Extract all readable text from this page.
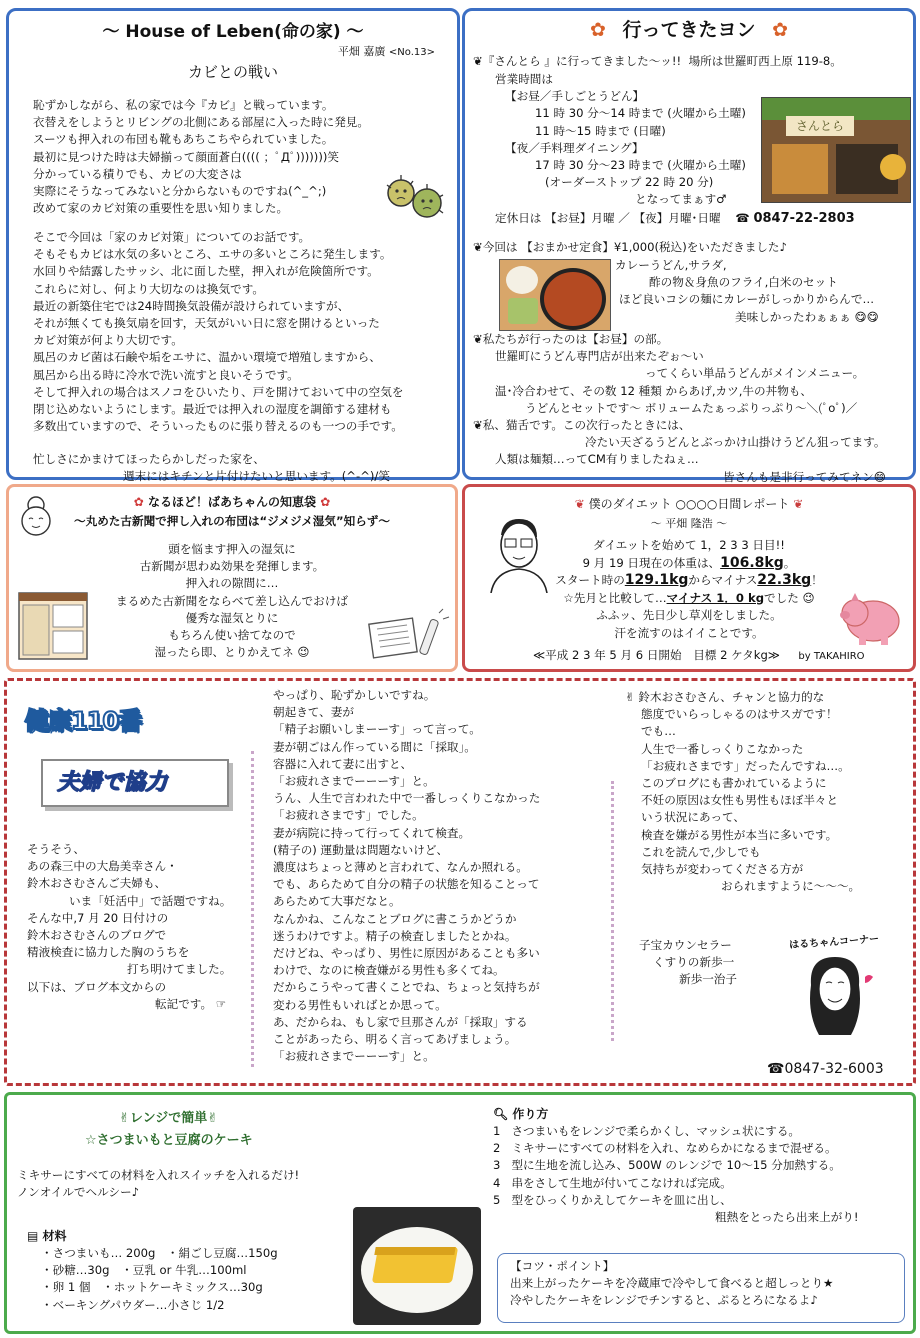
～ House of Leben(命の家) ～
平畑 嘉廣 <No.13>
カビとの戦い

恥ずかしながら、私の家では今『カビ』と戦っています。

衣替えをしようとリビングの北側にある部屋に入った時に発見。

スーツも押入れの布団も靴もあちこちやられていました。

最初に見つけた時は夫婦揃って顔面蒼白(((( ；ﾟДﾟ)))))))笑

分かっている積りでも、カビの大変さは

実際にそうなってみないと分からないものですね(^_^;)

改めて家のカビ対策の重要性を思い知りました。

そこで今回は「家のカビ対策」についてのお話です。

そもそもカビは水気の多いところ、エサの多いところに発生します。

水回りや結露したサッシ、北に面した壁，押入れが危険箇所です。

これらに対し、何より大切なのは換気です。

最近の新築住宅では24時間換気設備が設けられていますが、

それが無くても換気扇を回す，天気がいい日に窓を開けるといった

カビ対策が何より大切です。

風呂のカビ菌は石鹸や垢をエサに、温かい環境で増殖しますから、

風呂から出る時に冷水で洗い流すと良いそうです。

そして押入れの場合はスノコをひいたり、戸を開けておいて中の空気を

閉じ込めないようにします。最近では押入れの湿度を調節する建材も

多数出ていますので、そういったものに張り替えるのも一つの手です。

忙しさにかまけてほったらかしだった家を、

週末にはキチンと片付けたいと思います。(^-^)/笑

✿ 行ってきたヨン ✿
❦『さんとら 』に行ってきました～ッ!! 場所は世羅町西上原 119-8。

営業時間は

【お昼／手しごとうどん】

11 時 30 分～14 時まで (火曜から土曜)

11 時～15 時まで (日曜)

【夜／手料理ダイニング】

17 時 30 分～23 時まで (火曜から土曜)

(オーダーストップ 22 時 20 分)

となってまぁす♂

さんとら
定休日は 【お昼】月曜 ／ 【夜】月曜･日曜 ☎ 0847-22-2803
❦今回は 【おまかせ定食】¥1,000(税込)をいただきました♪

カレーうどん,サラダ,

酢の物＆身魚のフライ,白米のセット

ほど良いコシの麺にカレーがしっかりからんで…

美味しかったわぁぁぁ 😋😋

❦私たちが行ったのは【お昼】の部。

世羅町にうどん専門店が出来たぞぉ～い

ってくらい単品うどんがメインメニュー。

温･冷合わせて、その数 12 種類 からあげ,カツ,牛の丼物も、

うどんとセットです～ ボリュームたぁっぷりっぷり～＼(ﾟoﾟ)／

❦私、猫舌です。この次行ったときには、

冷たい天ざるうどんとぶっかけ山掛けうどん狙ってます。

人類は麺類…ってCM有りましたねぇ…

皆さんも是非行ってみてネン😄

✿ なるほど！ばあちゃんの知恵袋 ✿
～丸めた古新聞で押し入れの布団は“ジメジメ湿気”知らず～

頭を悩ます押入の湿気に

古新聞が思わぬ効果を発揮します。

押入れの隙間に…

まるめた古新聞をならべて差し込んでおけば

優秀な湿気とりに

もちろん使い捨てなので

湿ったら即、とりかえてネ 😉

❦ 僕のダイエット ○○○○日間レポート ❦
～ 平畑 隆浩 ～
ダイエットを始めて 1，2 3 3 日目!!
9 月 19 日現在の体重は、106.8kg。
スタート時の129.1kgからマイナス22.3kg！
☆先月と比較して…マイナス 1．0 kgでした 😉
ふふッ、先日少し草刈をしました。
汗を流すのはイイことです。
≪平成 2 3 年 5 月 6 日開始　目標 2 ケタkg≫ by TAKAHIRO
健康110番
夫婦で協力

そうそう、

あの森三中の大島美幸さん・

鈴木おさむさんご夫婦も、

いま「妊活中」で話題ですね。

そんな中,7 月 20 日付けの

鈴木おさむさんのブログで

精液検査に協力した胸のうちを

打ち明けてました。

以下は、ブログ本文からの

転記です。 ☞

やっぱり、恥ずかしいですね。

朝起きて、妻が

「精子お願いしまーーす」って言って。

妻が朝ごはん作っている間に「採取」。

容器に入れて妻に出すと、

「お疲れさまでーーーす」と。

うん、人生で言われた中で一番しっくりこなかった

「お疲れさまです」でした。

妻が病院に持って行ってくれて検査。

(精子の) 運動量は問題ないけど、

濃度はちょっと薄めと言われて、なんか照れる。

でも、あらためて自分の精子の状態を知ることって

あらためて大事だなと。

なんかね、こんなことブログに書こうかどうか

迷うわけですよ。精子の検査しましたとかね。

だけどね、やっぱり、男性に原因があることも多い

わけで、なのに検査嫌がる男性も多くてね。

だからこうやって書くことでね、ちょっと気持ちが

変わる男性もいればとか思って。

あ、だからね、もし家で旦那さんが「採取」する

ことがあったら、明るく言ってあげましょう。

「お疲れさまでーーーす」と。

✌ 鈴木おさむさん、チャンと協力的な

態度でいらっしゃるのはサスガです！

でも…

人生で一番しっくりこなかった

「お疲れさまです」だったんですね…。

このブログにも書かれているように

不妊の原因は女性も男性もほぼ半々と

いう状況にあって、

検査を嫌がる男性が本当に多いです。

これを読んで,少しでも

気持ちが変わってくださる方が

おられますように～～～。

子宝カウンセラー

くすりの新歩一

新歩一治子

はるちゃんコーナー
☎0847-32-6003
✌レンジで簡単✌
☆さつまいもと豆腐のケーキ

ミキサーにすべての材料を入れスイッチを入れるだけ!

ノンオイルでヘルシー♪

▤ 材料

・さつまいも… 200g　・絹ごし豆腐…150g

・砂糖…30g　・豆乳 or 牛乳…100ml

・卵 1 個　・ホットケーキミックス…30g

・ベーキングパウダー…小さじ 1/2

🔍︎ 作り方

1 さつまいもをレンジで柔らかくし、マッシュ状にする。

2 ミキサーにすべての材料を入れ、なめらかになるまで混ぜる。

3 型に生地を流し込み、500W のレンジで 10～15 分加熱する。

4 串をさして生地が付いてこなければ完成。

5 型をひっくりかえしてケーキを皿に出し、

粗熱をとったら出来上がり!

【コツ・ポイント】

出来上がったケーキを冷蔵庫で冷やして食べると超しっとり★

冷やしたケーキをレンジでチンすると、ぷるとろになるよ♪
